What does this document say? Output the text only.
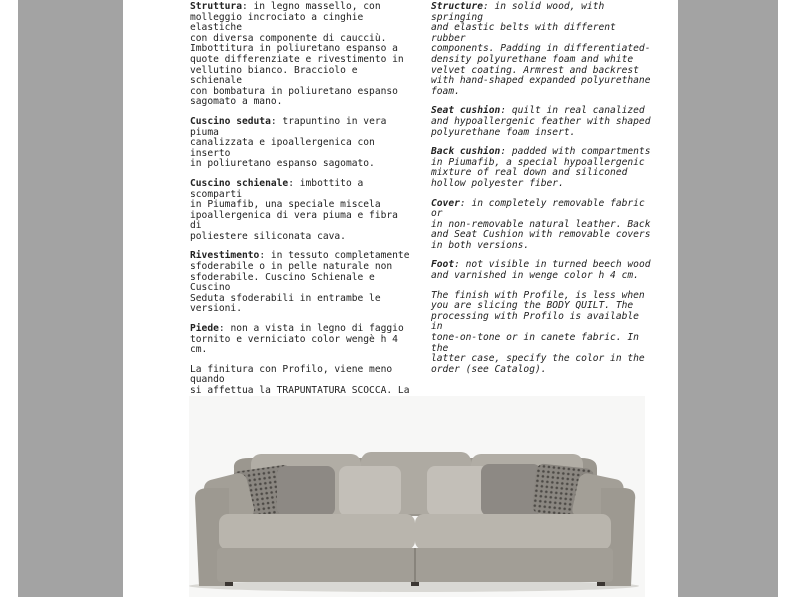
Struttura: in legno massello, con
molleggio incrociato a cinghie elastiche
con diversa componente di caucciù.
Imbottitura in poliuretano espanso a
quote differenziate e rivestimento in
vellutino bianco. Bracciolo e schienale
con bombatura in poliuretano espanso
sagomato a mano.

Cuscino seduta: trapuntino in vera piuma
canalizzata e ipoallergenica con inserto
in poliuretano espanso sagomato.

Cuscino schienale: imbottito a scomparti
in Piumafib, una speciale miscela
ipoallergenica di vera piuma e fibra di
poliestere siliconata cava.

Rivestimento: in tessuto completamente
sfoderabile o in pelle naturale non
sfoderabile. Cuscino Schienale e Cuscino
Seduta sfoderabili in entrambe le
versioni.

Piede: non a vista in legno di faggio
tornito e verniciato color wengè h 4 cm.

La finitura con Profilo, viene meno quando
si affettua la TRAPUNTATURA SCOCCA. La

Structure: in solid wood, with springing
and elastic belts with different rubber
components. Padding in differentiated-
density polyurethane foam and white
velvet coating. Armrest and backrest
with hand-shaped expanded polyurethane
foam.

Seat cushion: quilt in real canalized
and hypoallergenic feather with shaped
polyurethane foam insert.

Back cushion: padded with compartments
in Piumafib, a special hypoallergenic
mixture of real down and siliconed
hollow polyester fiber.

Cover: in completely removable fabric or
in non-removable natural leather. Back
and Seat Cushion with removable covers
in both versions.

Foot: not visible in turned beech wood
and varnished in wenge color h 4 cm.

The finish with Profile, is less when
you are slicing the BODY QUILT. The
processing with Profilo is available in
tone-on-tone or in canete fabric. In the
latter case, specify the color in the
order (see Catalog).
